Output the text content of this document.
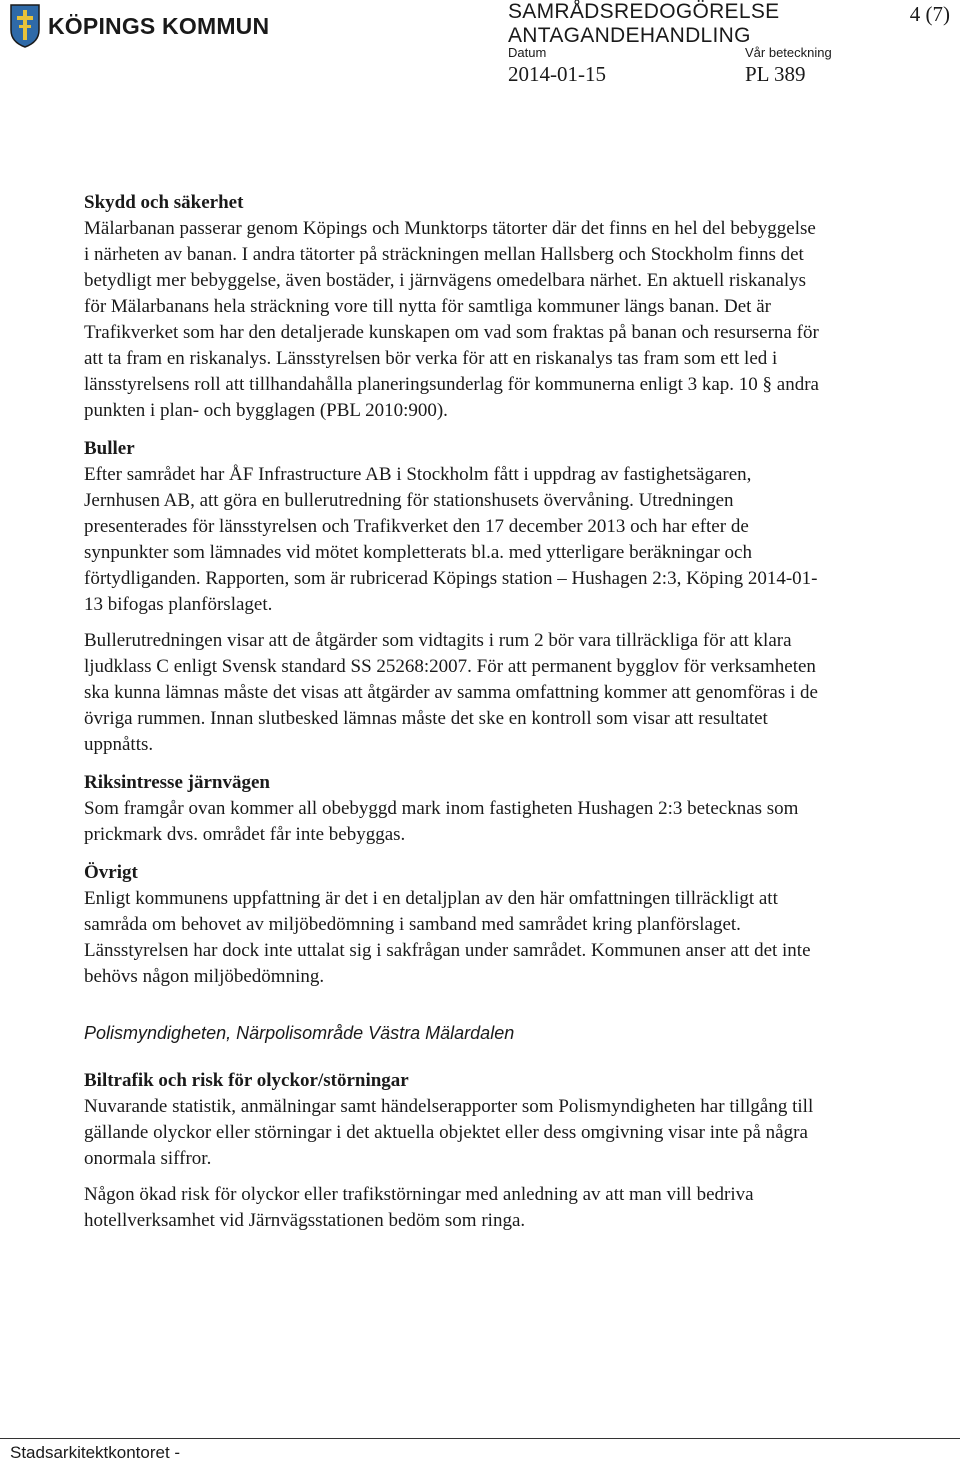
KÖPINGS KOMMUN
SAMRÅDSREDOGÖRELSE
ANTAGANDEHANDLING
Datum	Vår beteckning
2014-01-15	PL 389
4 (7)
Skydd och säkerhet

Mälarbanan passerar genom Köpings och Munktorps tätorter där det finns en hel del bebyggelse i närheten av banan. I andra tätorter på sträckningen mellan Hallsberg och Stockholm finns det betydligt mer bebyggelse, även bostäder, i järnvägens omedelbara närhet. En aktuell riskanalys för Mälarbanans hela sträckning vore till nytta för samtliga kommuner längs banan. Det är Trafikverket som har den detaljerade kunskapen om vad som fraktas på banan och resurserna för att ta fram en riskanalys. Länsstyrelsen bör verka för att en riskanalys tas fram som ett led i länsstyrelsens roll att tillhandahålla planeringsunderlag för kommunerna enligt 3 kap. 10 § andra punkten i plan- och bygglagen (PBL 2010:900).

Buller

Efter samrådet har ÅF Infrastructure AB i Stockholm fått i uppdrag av fastighetsägaren, Jernhusen AB, att göra en bullerutredning för stationshusets övervåning. Utredningen presenterades för länsstyrelsen och Trafikverket den 17 december 2013 och har efter de synpunkter som lämnades vid mötet kompletterats bl.a. med ytterligare beräkningar och förtydliganden. Rapporten, som är rubricerad Köpings station – Hushagen 2:3, Köping 2014-01-13 bifogas planförslaget.

Bullerutredningen visar att de åtgärder som vidtagits i rum 2 bör vara tillräckliga för att klara ljudklass C enligt Svensk standard SS 25268:2007. För att permanent bygglov för verksamheten ska kunna lämnas måste det visas att åtgärder av samma omfattning kommer att genomföras i de övriga rummen. Innan slutbesked lämnas måste det ske en kontroll som visar att resultatet uppnåtts.

Riksintresse järnvägen

Som framgår ovan kommer all obebyggd mark inom fastigheten Hushagen 2:3 betecknas som prickmark dvs. området får inte bebyggas.

Övrigt

Enligt kommunens uppfattning är det i en detaljplan av den här omfattningen tillräckligt att samråda om behovet av miljöbedömning i samband med samrådet kring planförslaget. Länsstyrelsen har dock inte uttalat sig i sakfrågan under samrådet. Kommunen anser att det inte behövs någon miljöbedömning.

Polismyndigheten, Närpolisområde Västra Mälardalen
Biltrafik och risk för olyckor/störningar

Nuvarande statistik, anmälningar samt händelserapporter som Polismyndigheten har tillgång till gällande olyckor eller störningar i det aktuella objektet eller dess omgivning visar inte på några onormala siffror.

Någon ökad risk för olyckor eller trafikstörningar med anledning av att man vill bedriva hotellverksamhet vid Järnvägsstationen bedöm som ringa.

Stadsarkitektkontoret -
